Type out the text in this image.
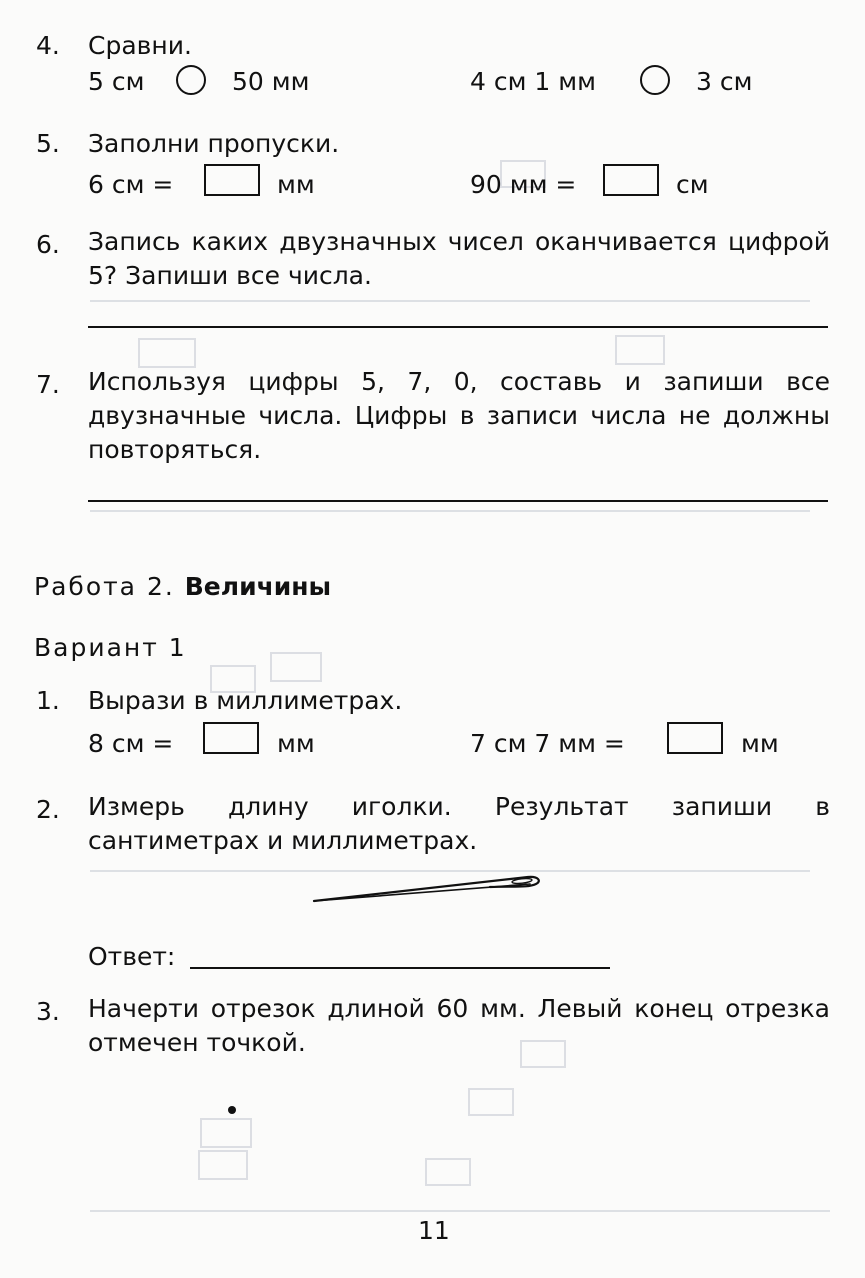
4. Сравни.
5 см	50 мм	4 см 1 мм	3 см
5. Заполни пропуски.
6 см =	мм	90 мм =	см
6. Запись каких двузначных чисел оканчивается цифрой 5? Запиши все числа.
7. Используя цифры 5, 7, 0, составь и запиши все двузначные числа. Цифры в записи числа не должны повторяться.
Работа 2. Величины
Вариант 1
1. Вырази в миллиметрах.
8 см =	мм	7 см 7 мм =	мм
2. Измерь длину иголки. Результат запиши в сантиметрах и миллиметрах.
Ответ:
3. Начерти отрезок длиной 60 мм. Левый конец отрезка отмечен точкой.
11
